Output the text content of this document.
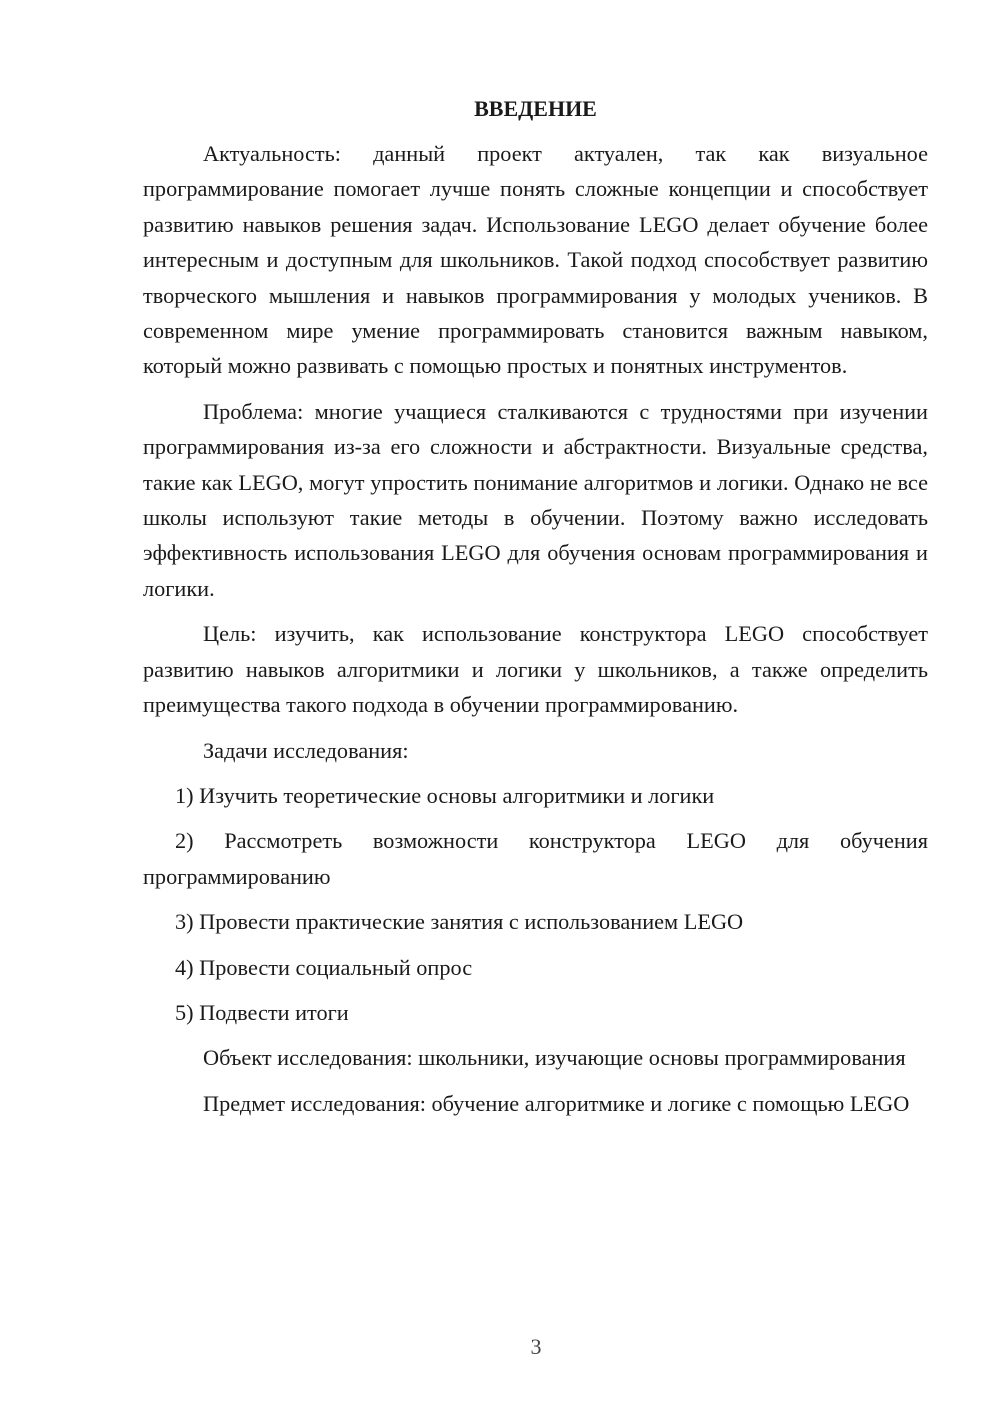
ВВЕДЕНИЕ

Актуальность: данный проект актуален, так как визуальное программирование помогает лучше понять сложные концепции и способствует развитию навыков решения задач. Использование LEGO делает обучение более интересным и доступным для школьников. Такой подход способствует развитию творческого мышления и навыков программирования у молодых учеников. В современном мире умение программировать становится важным навыком, который можно развивать с помощью простых и понятных инструментов.

Проблема: многие учащиеся сталкиваются с трудностями при изучении программирования из-за его сложности и абстрактности. Визуальные средства, такие как LEGO, могут упростить понимание алгоритмов и логики. Однако не все школы используют такие методы в обучении. Поэтому важно исследовать эффективность использования LEGO для обучения основам программирования и логики.

Цель: изучить, как использование конструктора LEGO способствует развитию навыков алгоритмики и логики у школьников, а также определить преимущества такого подхода в обучении программированию.

Задачи исследования:

1) Изучить теоретические основы алгоритмики и логики

2) Рассмотреть возможности конструктора LEGO для обучения программированию

3) Провести практические занятия с использованием LEGO

4) Провести социальный опрос

5) Подвести итоги

Объект исследования: школьники, изучающие основы программирования

Предмет исследования: обучение алгоритмике и логике с помощью LEGO

3
